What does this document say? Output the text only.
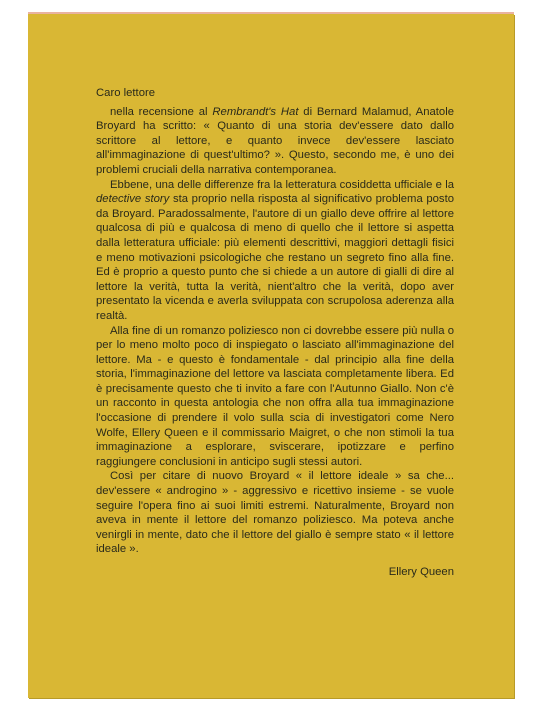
Caro lettore

nella recensione al Rembrandt's Hat di Bernard Malamud, Anatole Broyard ha scritto: « Quanto di una storia dev'essere dato dallo scrittore al lettore, e quanto invece dev'essere lasciato all'immaginazione di quest'ultimo? ». Questo, secondo me, è uno dei problemi cruciali della narrativa contemporanea.

Ebbene, una delle differenze fra la letteratura cosiddetta ufficiale e la detective story sta proprio nella risposta al significativo problema posto da Broyard. Paradossalmente, l'autore di un giallo deve offrire al lettore qualcosa di più e qualcosa di meno di quello che il lettore si aspetta dalla letteratura ufficiale: più elementi descrittivi, maggiori dettagli fisici e meno motivazioni psicologiche che restano un segreto fino alla fine. Ed è proprio a questo punto che si chiede a un autore di gialli di dire al lettore la verità, tutta la verità, nient'altro che la verità, dopo aver presentato la vicenda e averla sviluppata con scrupolosa aderenza alla realtà.

Alla fine di un romanzo poliziesco non ci dovrebbe essere più nulla o per lo meno molto poco di inspiegato o lasciato all'immaginazione del lettore. Ma - e questo è fondamentale - dal principio alla fine della storia, l'immaginazione del lettore va lasciata completamente libera. Ed è precisamente questo che ti invito a fare con l'Autunno Giallo. Non c'è un racconto in questa antologia che non offra alla tua immaginazione l'occasione di prendere il volo sulla scia di investigatori come Nero Wolfe, Ellery Queen e il commissario Maigret, o che non stimoli la tua immaginazione a esplorare, sviscerare, ipotizzare e perfino raggiungere conclusioni in anticipo sugli stessi autori.

Così per citare di nuovo Broyard « il lettore ideale » sa che... dev'essere « androgino » - aggressivo e ricettivo insieme - se vuole seguire l'opera fino ai suoi limiti estremi. Naturalmente, Broyard non aveva in mente il lettore del romanzo poliziesco. Ma poteva anche venirgli in mente, dato che il lettore del giallo è sempre stato « il lettore ideale ».

Ellery Queen
